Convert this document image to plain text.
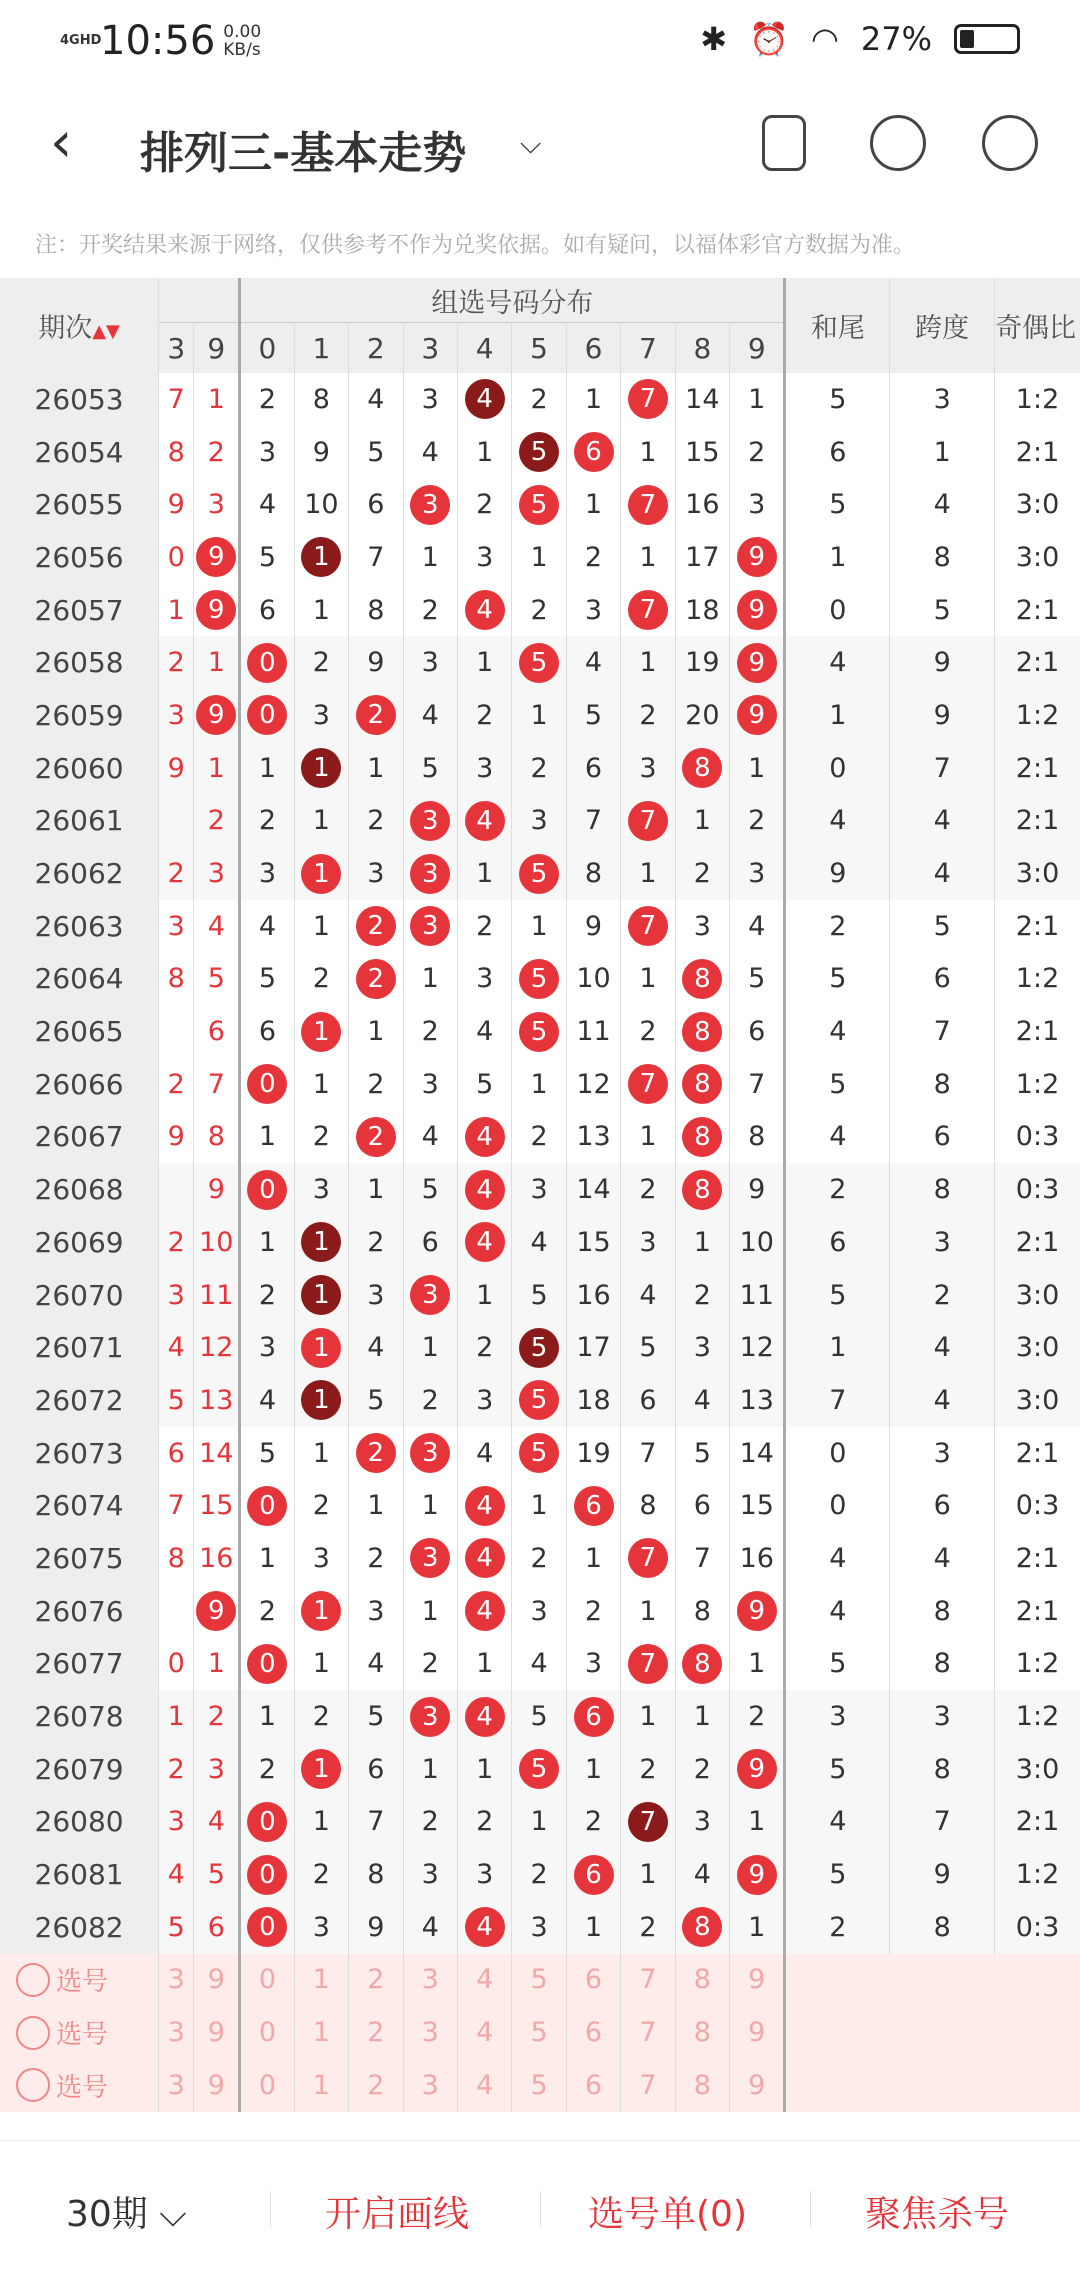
4GHD
10:56 0.00
KB/s	✱ ⏰ ◠ 27%
‹ 排列三-基本走势 ⌵
注：开奖结果来源于网络，仅供参考不作为兑奖依据。如有疑问，以福体彩官方数据为准。
期次▲▼			组选号码分布										和尾	跨度	奇偶比
	3	9	0	1	2	3	4	5	6	7	8	9			
26053	7	1	2	8	4	3	4	2	1	7	14	1	5	3	1:2
26054	8	2	3	9	5	4	1	5	6	1	15	2	6	1	2:1
26055	9	3	4	10	6	3	2	5	1	7	16	3	5	4	3:0
26056	0	9	5	1	7	1	3	1	2	1	17	9	1	8	3:0
26057	1	9	6	1	8	2	4	2	3	7	18	9	0	5	2:1
26058	2	1	0	2	9	3	1	5	4	1	19	9	4	9	2:1
26059	3	9	0	3	2	4	2	1	5	2	20	9	1	9	1:2
26060	9	1	1	1	1	5	3	2	6	3	8	1	0	7	2:1
26061		2	2	1	2	3	4	3	7	7	1	2	4	4	2:1
26062	2	3	3	1	3	3	1	5	8	1	2	3	9	4	3:0
26063	3	4	4	1	2	3	2	1	9	7	3	4	2	5	2:1
26064	8	5	5	2	2	1	3	5	10	1	8	5	5	6	1:2
26065		6	6	1	1	2	4	5	11	2	8	6	4	7	2:1
26066	2	7	0	1	2	3	5	1	12	7	8	7	5	8	1:2
26067	9	8	1	2	2	4	4	2	13	1	8	8	4	6	0:3
26068		9	0	3	1	5	4	3	14	2	8	9	2	8	0:3
26069	2	10	1	1	2	6	4	4	15	3	1	10	6	3	2:1
26070	3	11	2	1	3	3	1	5	16	4	2	11	5	2	3:0
26071	4	12	3	1	4	1	2	5	17	5	3	12	1	4	3:0
26072	5	13	4	1	5	2	3	5	18	6	4	13	7	4	3:0
26073	6	14	5	1	2	3	4	5	19	7	5	14	0	3	2:1
26074	7	15	0	2	1	1	4	1	6	8	6	15	0	6	0:3
26075	8	16	1	3	2	3	4	2	1	7	7	16	4	4	2:1
26076		9	2	1	3	1	4	3	2	1	8	9	4	8	2:1
26077	0	1	0	1	4	2	1	4	3	7	8	1	5	8	1:2
26078	1	2	1	2	5	3	4	5	6	1	1	2	3	3	1:2
26079	2	3	2	1	6	1	1	5	1	2	2	9	5	8	3:0
26080	3	4	0	1	7	2	2	1	2	7	3	1	4	7	2:1
26081	4	5	0	2	8	3	3	2	6	1	4	9	5	9	1:2
26082	5	6	0	3	9	4	4	3	1	2	8	1	2	8	0:3
选号	3	9	0	1	2	3	4	5	6	7	8	9			
选号	3	9	0	1	2	3	4	5	6	7	8	9			
选号	3	9	0	1	2	3	4	5	6	7	8	9			
30期 ⌵	开启画线	选号单(0)	聚焦杀号
